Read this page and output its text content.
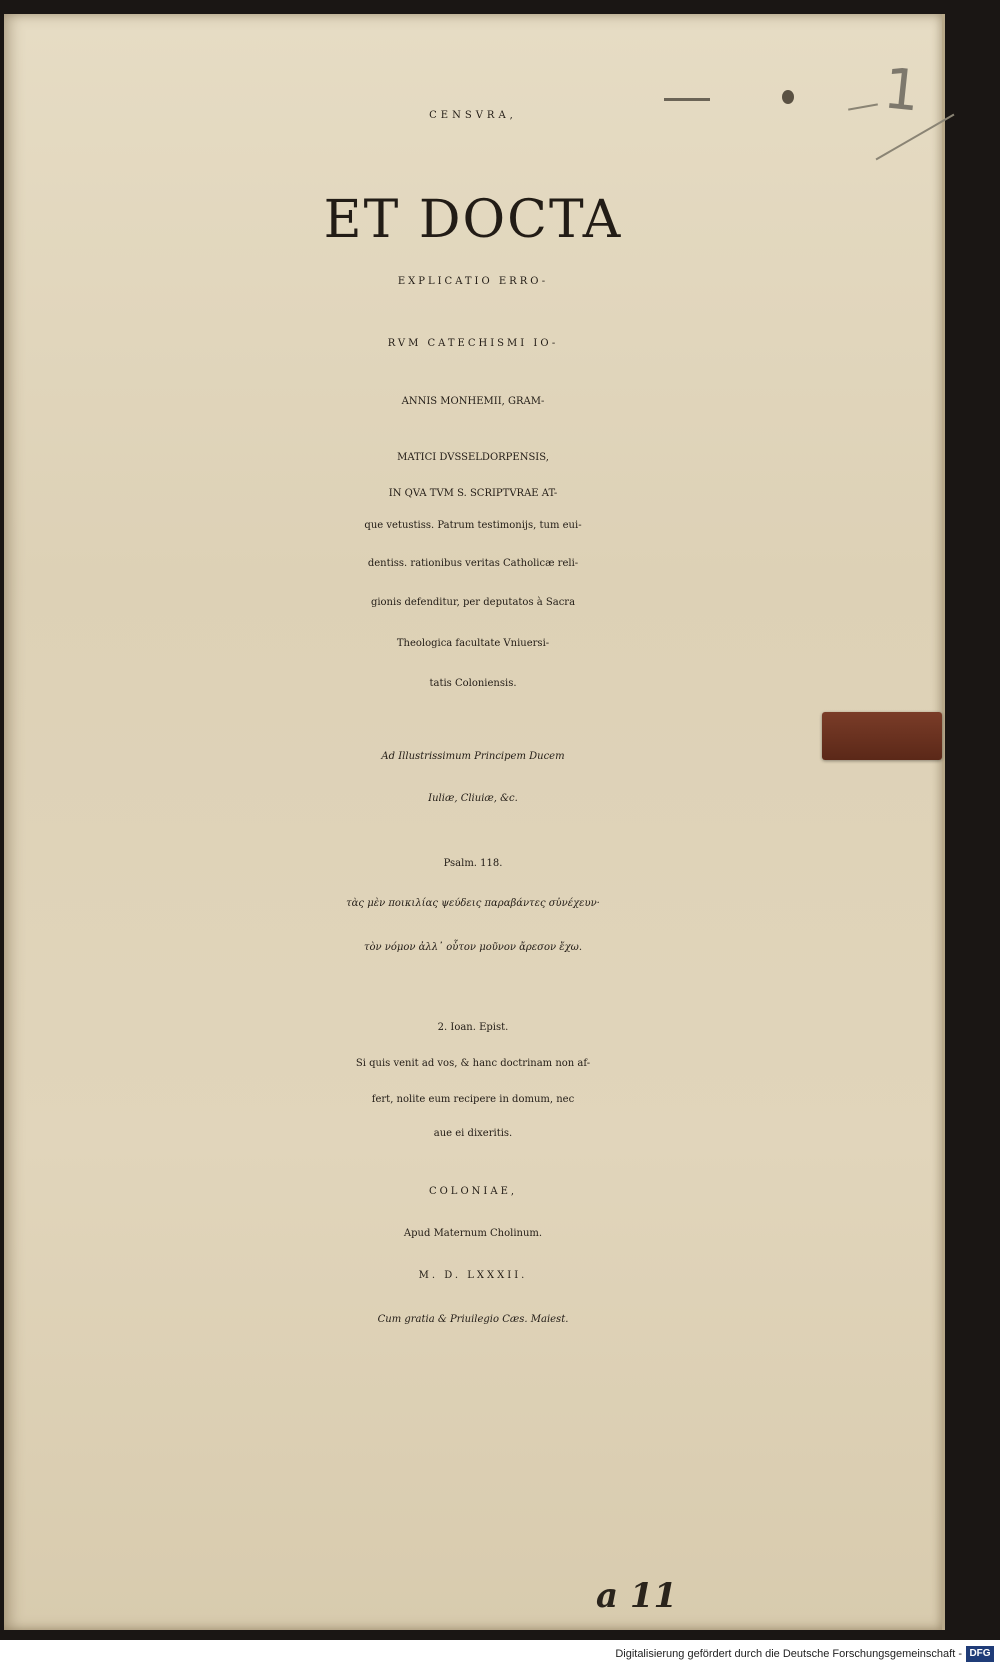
1
CENSVRA,
ET DOCTA
EXPLICATIO ERRO-
RVM CATECHISMI IO-
ANNIS MONHEMII, GRAM-
MATICI DVSSELDORPENSIS,
IN QVA TVM S. SCRIPTVRAE AT-
que vetustiss. Patrum testimonijs, tum eui-
dentiss. rationibus veritas Catholicæ reli-
gionis defenditur, per deputatos à Sacra
Theologica facultate Vniuersi-
tatis Coloniensis.
Ad Illustrissimum Principem Ducem
Iuliæ, Cliuiæ, &c.
Psalm. 118.
τὰς μὲν ποικιλίας ψεύδεις παραβάντες σὐνέχευν·
τὸν νόμον ἀλλ᾽ οὗτον μοῦνον ἄρεσον ἔχω.
2. Ioan. Epist.
Si quis venit ad vos, & hanc doctrinam non af-
fert, nolite eum recipere in domum, nec
aue ei dixeritis.
COLONIAE,
Apud Maternum Cholinum.
M. D. LXXXII.
Cum gratia & Priuilegio Cæs. Maiest.
a 11
Digitalisierung gefördert durch die Deutsche Forschungsgemeinschaft - DFG
